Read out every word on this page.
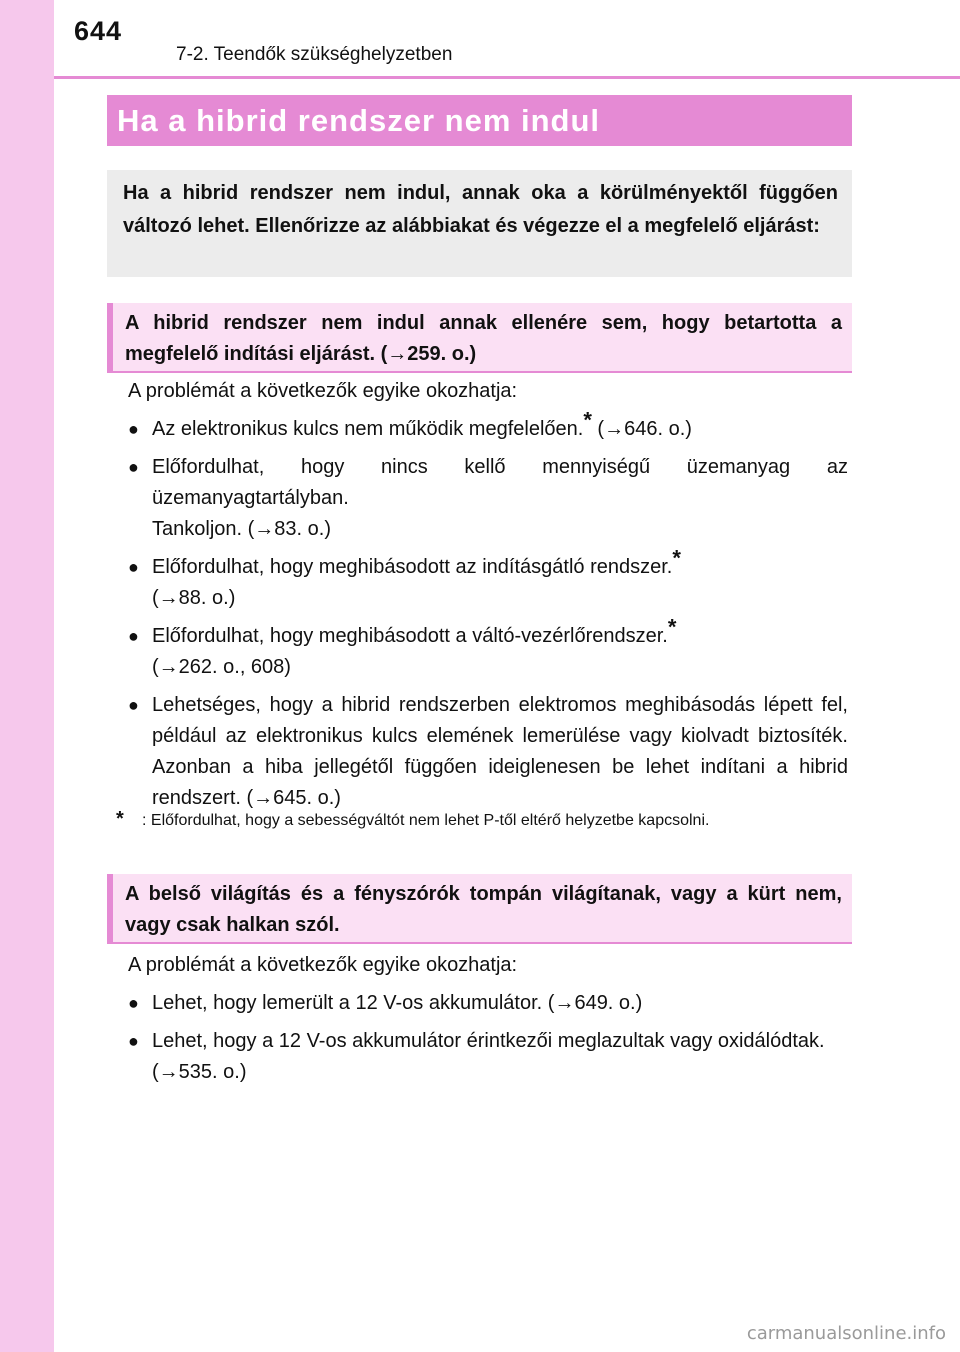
644
7-2. Teendők szükséghelyzetben
Ha a hibrid rendszer nem indul
Ha a hibrid rendszer nem indul, annak oka a körülményektől függően változó lehet. Ellenőrizze az alábbiakat és végezze el a megfelelő eljárást:
A hibrid rendszer nem indul annak ellenére sem, hogy betartotta a megfelelő indítási eljárást. (→259. o.)

A problémát a következők egyike okozhatja:

● Az elektronikus kulcs nem működik megfelelően.* (→646. o.)
● Előfordulhat, hogy nincs kellő mennyiségű üzemanyag az üzemanyagtartályban.
Tankoljon. (→83. o.)
● Előfordulhat, hogy meghibásodott az indításgátló rendszer.*
(→88. o.)
● Előfordulhat, hogy meghibásodott a váltó-vezérlőrendszer.*
(→262. o., 608)
● Lehetséges, hogy a hibrid rendszerben elektromos meghibásodás lépett fel, például az elektronikus kulcs elemének lemerülése vagy kiolvadt biztosíték. Azonban a hiba jellegétől függően ideiglenesen be lehet indítani a hibrid rendszert. (→645. o.)
* : Előfordulhat, hogy a sebességváltót nem lehet P-től eltérő helyzetbe kapcsolni.
A belső világítás és a fényszórók tompán világítanak, vagy a kürt nem, vagy csak halkan szól.

A problémát a következők egyike okozhatja:

● Lehet, hogy lemerült a 12 V-os akkumulátor. (→649. o.)
● Lehet, hogy a 12 V-os akkumulátor érintkezői meglazultak vagy oxidálódtak.
(→535. o.)
carmanualsonline.info
